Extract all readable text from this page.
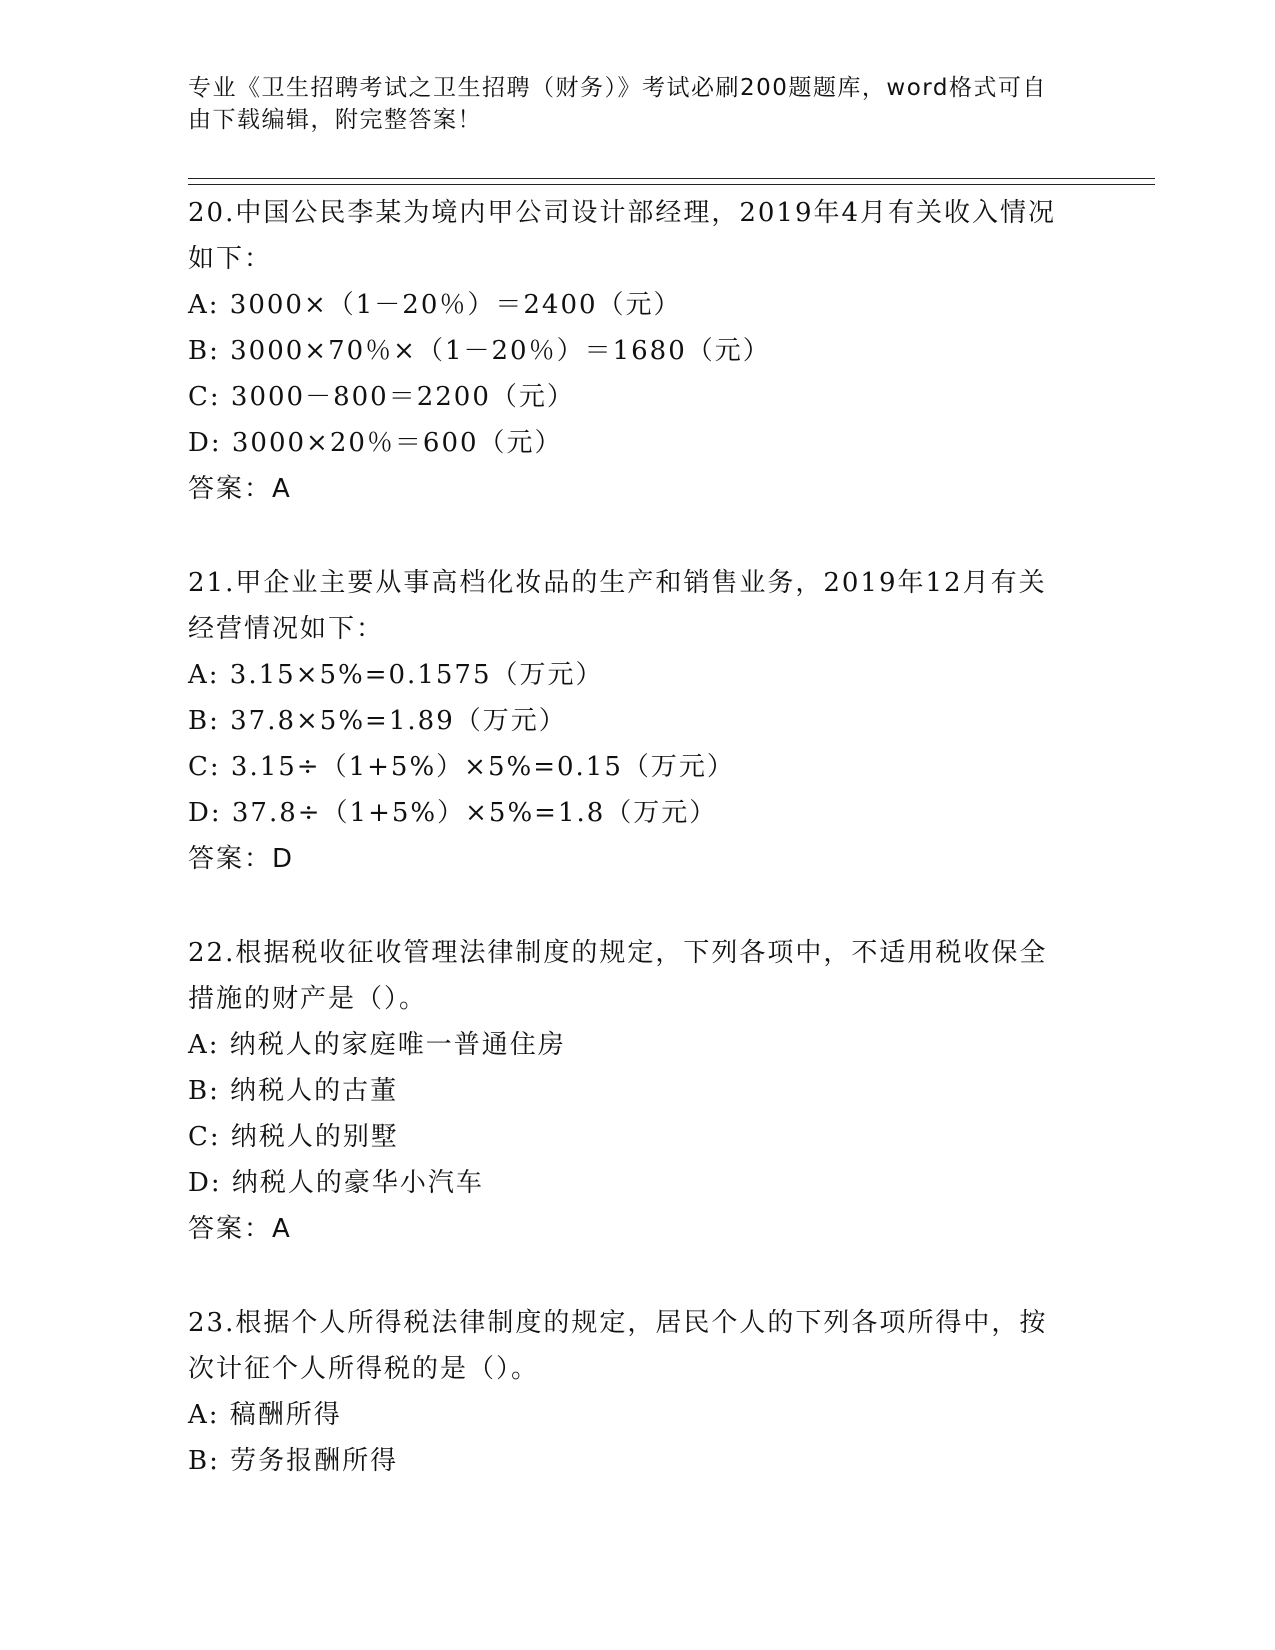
专业《卫生招聘考试之卫生招聘（财务）》考试必刷200题题库，word格式可自
由下载编辑，附完整答案！
20.中国公民李某为境内甲公司设计部经理，2019年4月有关收入情况
如下：
A: 3000×（1－20％）＝2400（元）
B: 3000×70％×（1－20％）＝1680（元）
C: 3000－800＝2200（元）
D: 3000×20％＝600（元）
答案：A
21.甲企业主要从事高档化妆品的生产和销售业务，2019年12月有关
经营情况如下：
A: 3.15×5%=0.1575（万元）
B: 37.8×5%=1.89（万元）
C: 3.15÷（1+5%）×5%=0.15（万元）
D: 37.8÷（1+5%）×5%=1.8（万元）
答案：D
22.根据税收征收管理法律制度的规定，下列各项中，不适用税收保全
措施的财产是（）。
A: 纳税人的家庭唯一普通住房
B: 纳税人的古董
C: 纳税人的别墅
D: 纳税人的豪华小汽车
答案：A
23.根据个人所得税法律制度的规定，居民个人的下列各项所得中，按
次计征个人所得税的是（）。
A: 稿酬所得
B: 劳务报酬所得
